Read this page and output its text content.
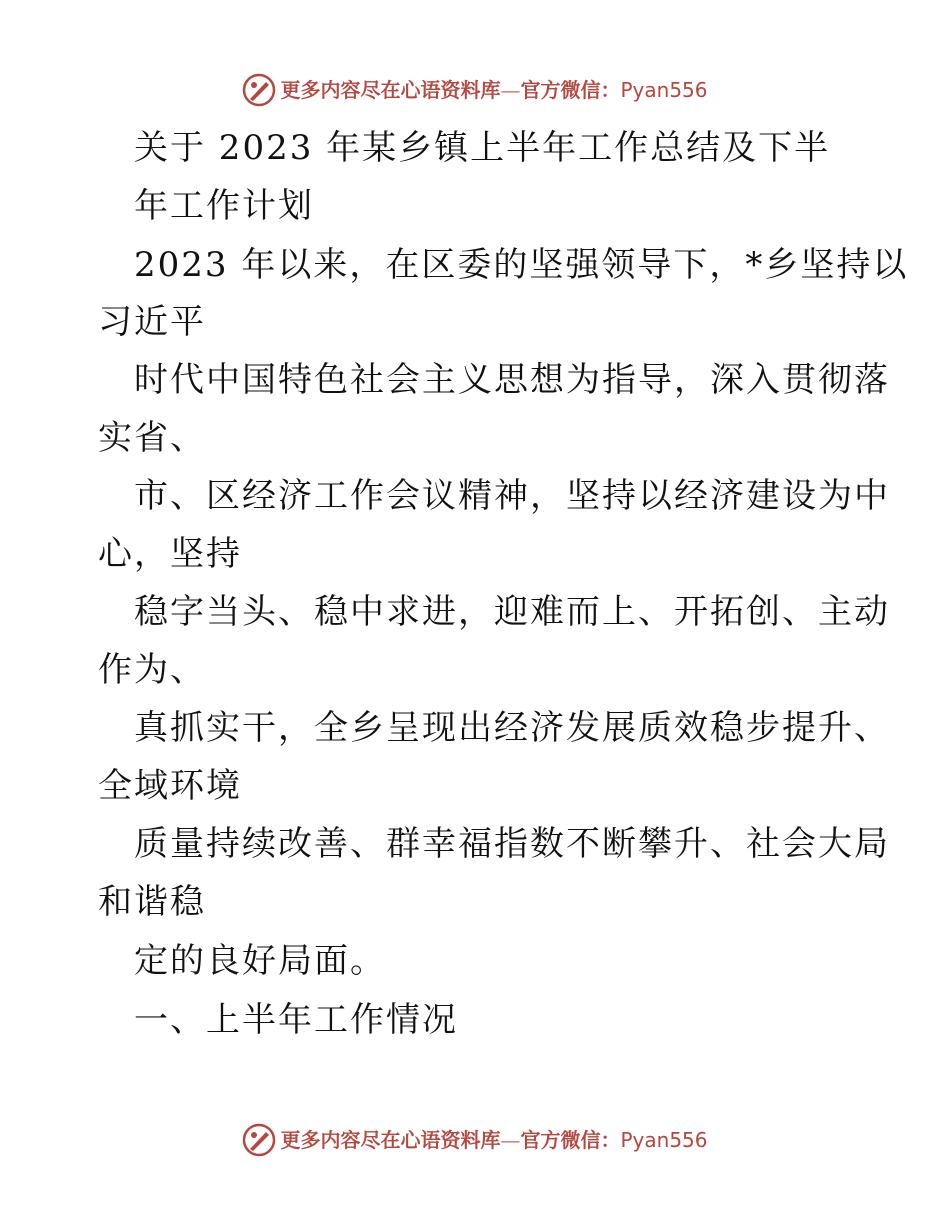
更多内容尽在心语资料库 — 官方微信： Pyan556
关于 2023 年某乡镇上半年工作总结及下半
年工作计划
2023 年以来，在区委的坚强领导下，*乡坚持以
习近平
时代中国特色社会主义思想为指导，深入贯彻落
实省、
市、区经济工作会议精神，坚持以经济建设为中
心，坚持
稳字当头、稳中求进，迎难而上、开拓创、主动
作为、
真抓实干，全乡呈现出经济发展质效稳步提升、
全域环境
质量持续改善、群幸福指数不断攀升、社会大局
和谐稳
定的良好局面。
一、上半年工作情况
更多内容尽在心语资料库 — 官方微信： Pyan556
